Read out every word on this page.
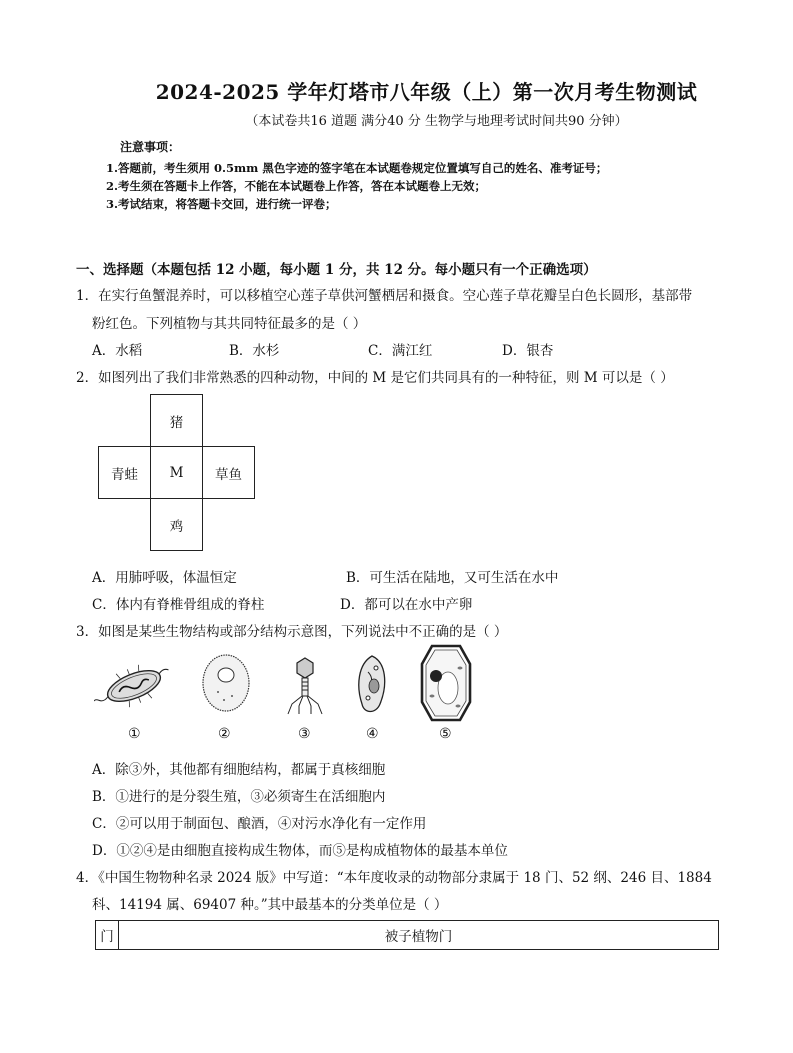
2024-2025 学年灯塔市八年级（上）第一次月考生物测试
（本试卷共16 道题 满分40 分 生物学与地理考试时间共90 分钟）
注意事项：
1.答题前，考生须用 0.5mm 黑色字迹的签字笔在本试题卷规定位置填写自己的姓名、准考证号；
2.考生须在答题卡上作答，不能在本试题卷上作答，答在本试题卷上无效；
3.考试结束，将答题卡交回，进行统一评卷；
一、选择题（本题包括 12 小题，每小题 1 分，共 12 分。每小题只有一个正确选项）
1．在实行鱼蟹混养时，可以移植空心莲子草供河蟹栖居和摄食。空心莲子草花瓣呈白色长圆形，基部带
粉红色。下列植物与其共同特征最多的是（ ）
A．水稻	B．水杉	C．满江红	D．银杏
2．如图列出了我们非常熟悉的四种动物，中间的 M 是它们共同具有的一种特征，则 M 可以是（ ）
猪
青蛙	M	草鱼
鸡
A．用肺呼吸，体温恒定	B．可生活在陆地，又可生活在水中
C．体内有脊椎骨组成的脊柱	D．都可以在水中产卵
3．如图是某些生物结构或部分结构示意图，下列说法中不正确的是（ ）
①	②	③	④	⑤
A．除③外，其他都有细胞结构，都属于真核细胞
B．①进行的是分裂生殖，③必须寄生在活细胞内
C．②可以用于制面包、酿酒，④对污水净化有一定作用
D．①②④是由细胞直接构成生物体，而⑤是构成植物体的最基本单位
4．《中国生物物种名录 2024 版》中写道：“本年度收录的动物部分隶属于 18 门、52 纲、246 目、1884
科、14194 属、69407 种。”其中最基本的分类单位是（ ）
门	被子植物门
